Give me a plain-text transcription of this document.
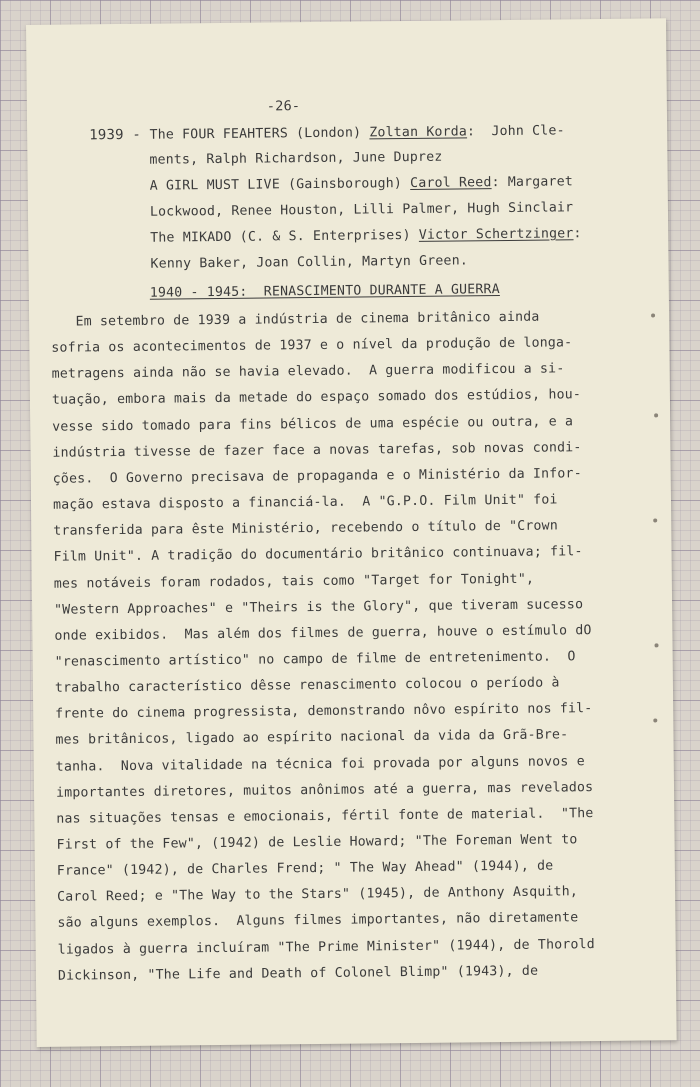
-26-
1939 - The FOUR FEAHTERS (London) Zoltan Korda:  John Cle-
ments, Ralph Richardson, June Duprez
A GIRL MUST LIVE (Gainsborough) Carol Reed: Margaret
Lockwood, Renee Houston, Lilli Palmer, Hugh Sinclair
The MIKADO (C. & S. Enterprises) Victor Schertzinger:
Kenny Baker, Joan Collin, Martyn Green.
1940 - 1945:  RENASCIMENTO DURANTE A GUERRA
Em setembro de 1939 a indústria de cinema britânico ainda
sofria os acontecimentos de 1937 e o nível da produção de longa-
metragens ainda não se havia elevado.  A guerra modificou a si-
tuação, embora mais da metade do espaço somado dos estúdios, hou-
vesse sido tomado para fins bélicos de uma espécie ou outra, e a
indústria tivesse de fazer face a novas tarefas, sob novas condi-
ções.  O Governo precisava de propaganda e o Ministério da Infor-
mação estava disposto a financiá-la.  A "G.P.O. Film Unit" foi
transferida para êste Ministério, recebendo o título de "Crown
Film Unit". A tradição do documentário britânico continuava; fil-
mes notáveis foram rodados, tais como "Target for Tonight",
"Western Approaches" e "Theirs is the Glory", que tiveram sucesso
onde exibidos.  Mas além dos filmes de guerra, houve o estímulo dO
"renascimento artístico" no campo de filme de entretenimento.  O
trabalho característico dêsse renascimento colocou o período à
frente do cinema progressista, demonstrando nôvo espírito nos fil-
mes britânicos, ligado ao espírito nacional da vida da Grã-Bre-
tanha.  Nova vitalidade na técnica foi provada por alguns novos e
importantes diretores, muitos anônimos até a guerra, mas revelados
nas situações tensas e emocionais, fértil fonte de material.  "The
First of the Few", (1942) de Leslie Howard; "The Foreman Went to
France" (1942), de Charles Frend; " The Way Ahead" (1944), de
Carol Reed; e "The Way to the Stars" (1945), de Anthony Asquith,
são alguns exemplos.  Alguns filmes importantes, não diretamente
ligados à guerra incluíram "The Prime Minister" (1944), de Thorold
Dickinson, "The Life and Death of Colonel Blimp" (1943), de
